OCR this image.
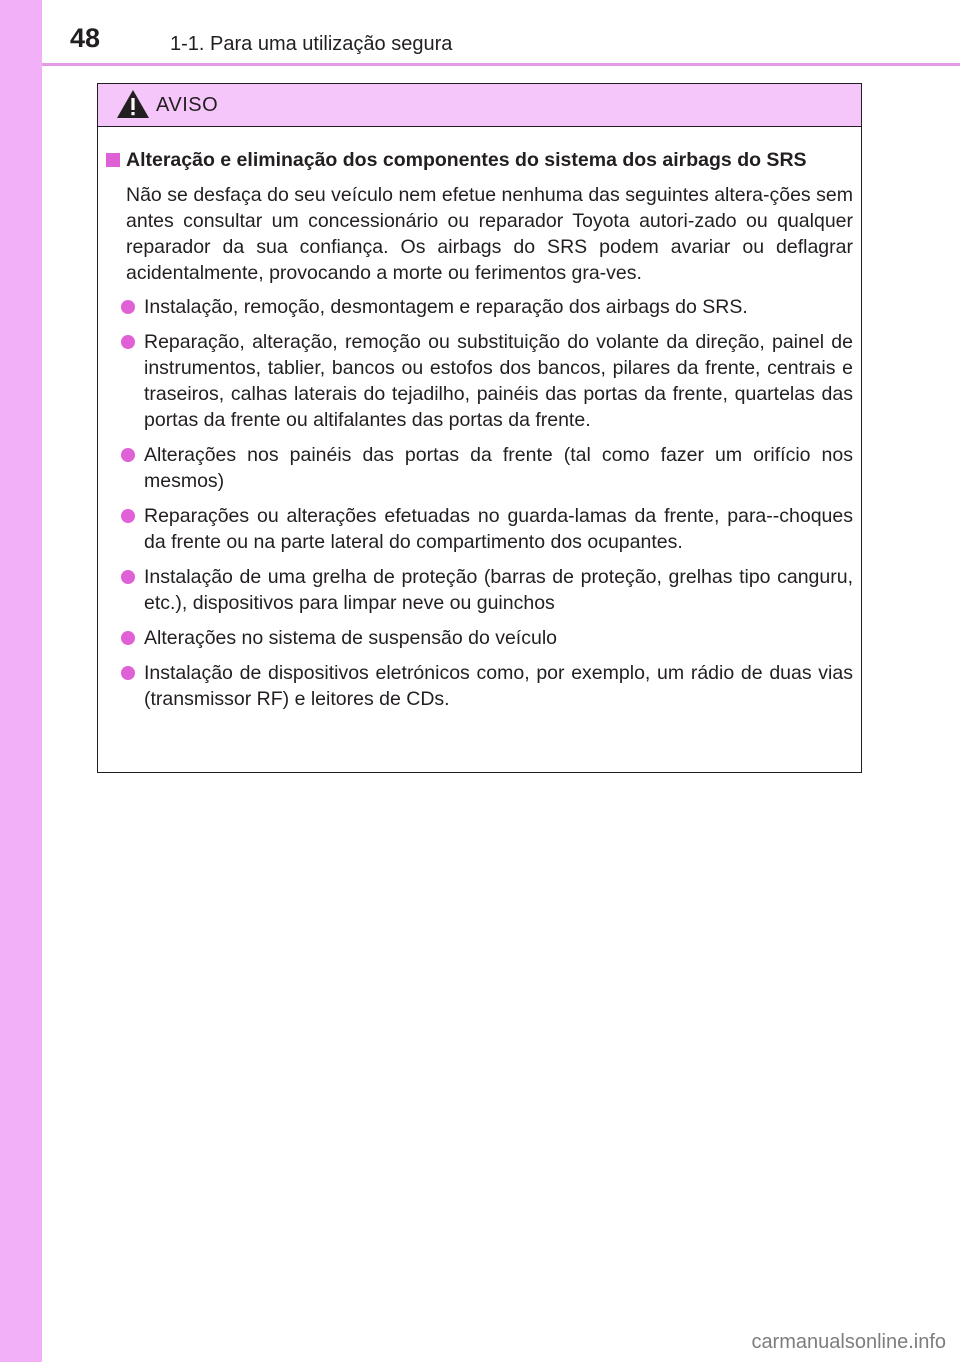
48	1-1. Para uma utilização segura
AVISO
Alteração e eliminação dos componentes do sistema dos airbags do SRS
Não se desfaça do seu veículo nem efetue nenhuma das seguintes altera-ções sem antes consultar um concessionário ou reparador Toyota autori-zado ou qualquer reparador da sua confiança. Os airbags do SRS podem avariar ou deflagrar acidentalmente, provocando a morte ou ferimentos gra-ves.
Instalação, remoção, desmontagem e reparação dos airbags do SRS.
Reparação, alteração, remoção ou substituição do volante da direção, painel de instrumentos, tablier, bancos ou estofos dos bancos, pilares da frente, centrais e traseiros, calhas laterais do tejadilho, painéis das portas da frente, quartelas das portas da frente ou altifalantes das portas da frente.
Alterações nos painéis das portas da frente (tal como fazer um orifício nos mesmos)
Reparações ou alterações efetuadas no guarda-lamas da frente, para--choques da frente ou na parte lateral do compartimento dos ocupantes.
Instalação de uma grelha de proteção (barras de proteção, grelhas tipo canguru, etc.), dispositivos para limpar neve ou guinchos
Alterações no sistema de suspensão do veículo
Instalação de dispositivos eletrónicos como, por exemplo, um rádio de duas vias (transmissor RF) e leitores de CDs.
carmanualsonline.info
